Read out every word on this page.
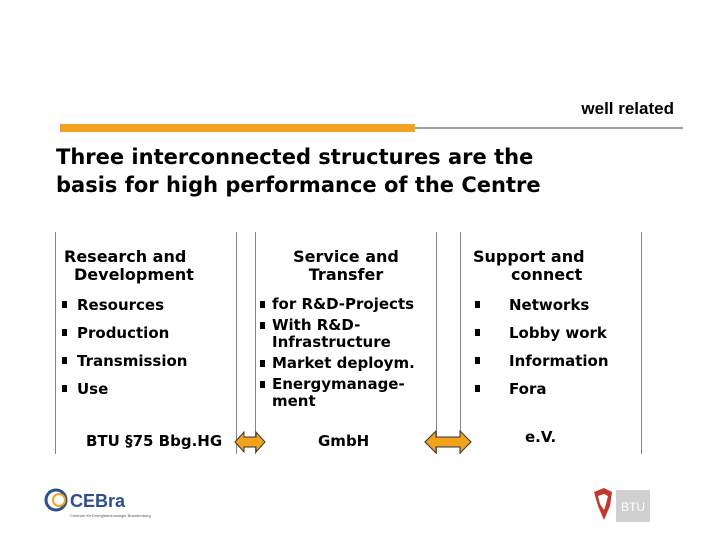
well related
Three interconnected structures are the
basis for high performance of the Centre
Research and
Development
Resources
Production
Transmission
Use
Service and
Transfer
for R&D-Projects
With R&D-
Infrastructure
Market deploym.
Energymanage-
ment
Support and
connect
Networks
Lobby work
Information
Fora
BTU §75 Bbg.HG	GmbH	e.V.
CEBra
Centrum für Energietechnologie Brandenburg
BTU
